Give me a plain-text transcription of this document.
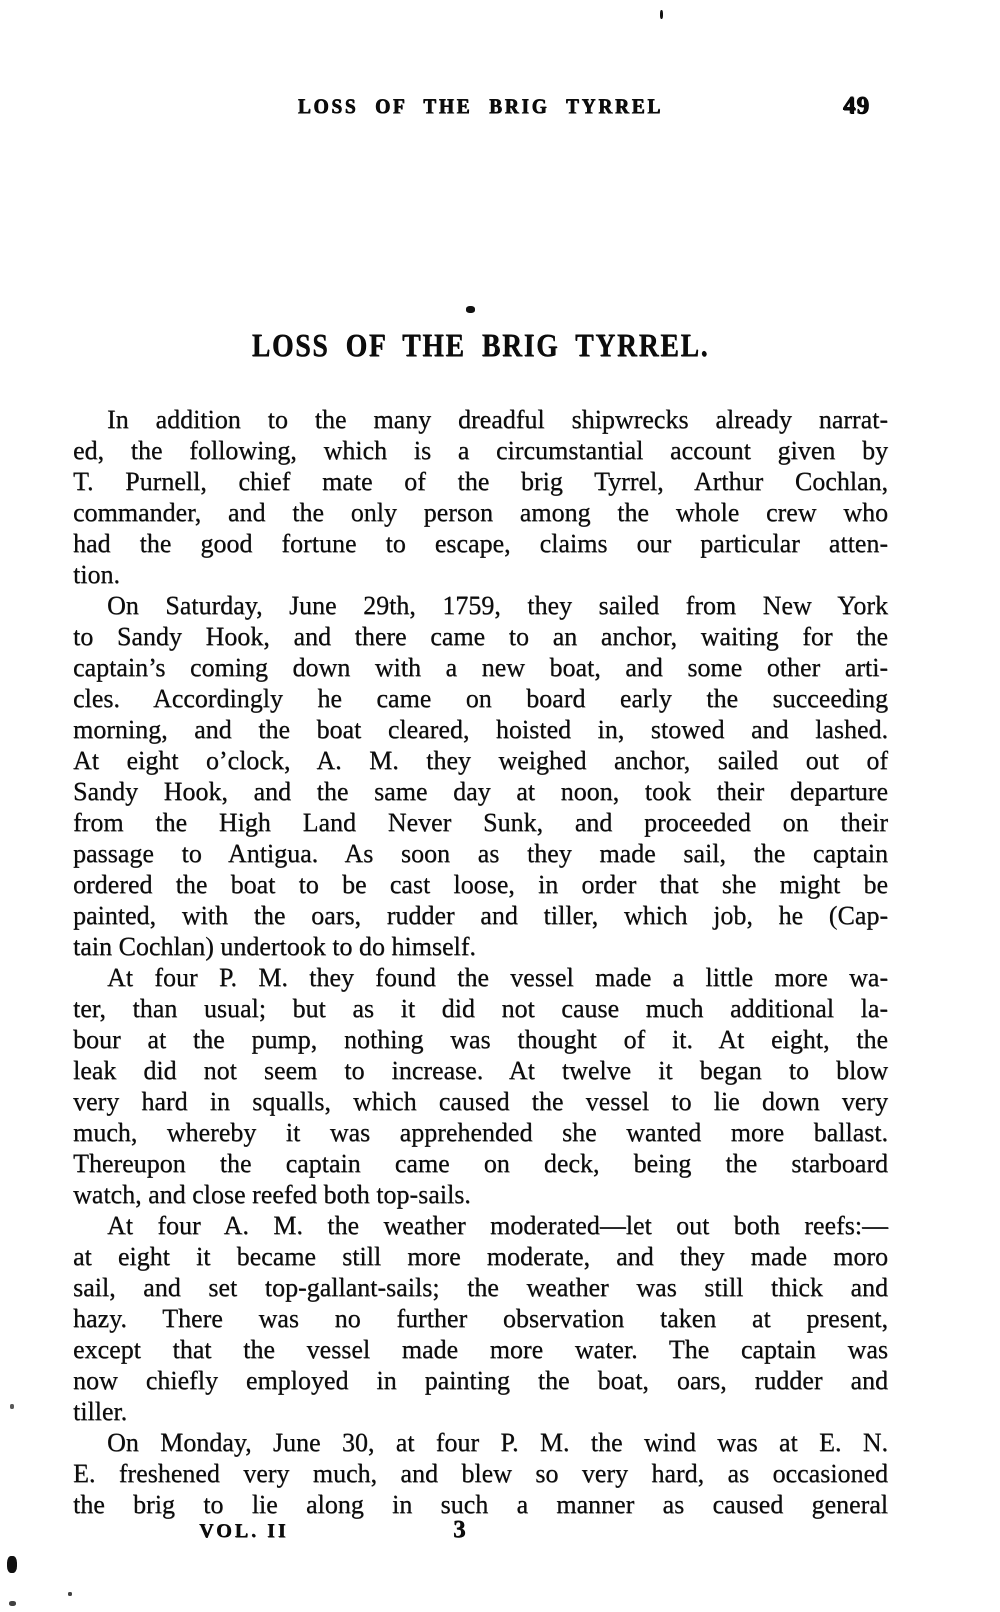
LOSS OF THE BRIG TYRREL	49
LOSS OF THE BRIG TYRREL.
In addition to the many dreadful shipwrecks already narrat-
ed, the following, which is a circumstantial account given by
T. Purnell, chief mate of the brig Tyrrel, Arthur Cochlan,
commander, and the only person among the whole crew who
had the good fortune to escape, claims our particular atten-
tion.
On Saturday, June 29th, 1759, they sailed from New York
to Sandy Hook, and there came to an anchor, waiting for the
captain’s coming down with a new boat, and some other arti-
cles. Accordingly he came on board early the succeeding
morning, and the boat cleared, hoisted in, stowed and lashed.
At eight o’clock, A. M. they weighed anchor, sailed out of
Sandy Hook, and the same day at noon, took their departure
from the High Land Never Sunk, and proceeded on their
passage to Antigua. As soon as they made sail, the captain
ordered the boat to be cast loose, in order that she might be
painted, with the oars, rudder and tiller, which job, he (Cap-
tain Cochlan) undertook to do himself.
At four P. M. they found the vessel made a little more wa-
ter, than usual; but as it did not cause much additional la-
bour at the pump, nothing was thought of it. At eight, the
leak did not seem to increase. At twelve it began to blow
very hard in squalls, which caused the vessel to lie down very
much, whereby it was apprehended she wanted more ballast.
Thereupon the captain came on deck, being the starboard
watch, and close reefed both top-sails.
At four A. M. the weather moderated—let out both reefs:—
at eight it became still more moderate, and they made moro
sail, and set top-gallant-sails; the weather was still thick and
hazy. There was no further observation taken at present,
except that the vessel made more water. The captain was
now chiefly employed in painting the boat, oars, rudder and
tiller.
On Monday, June 30, at four P. M. the wind was at E. N.
E. freshened very much, and blew so very hard, as occasioned
the brig to lie along in such a manner as caused general
VOL. II	3
